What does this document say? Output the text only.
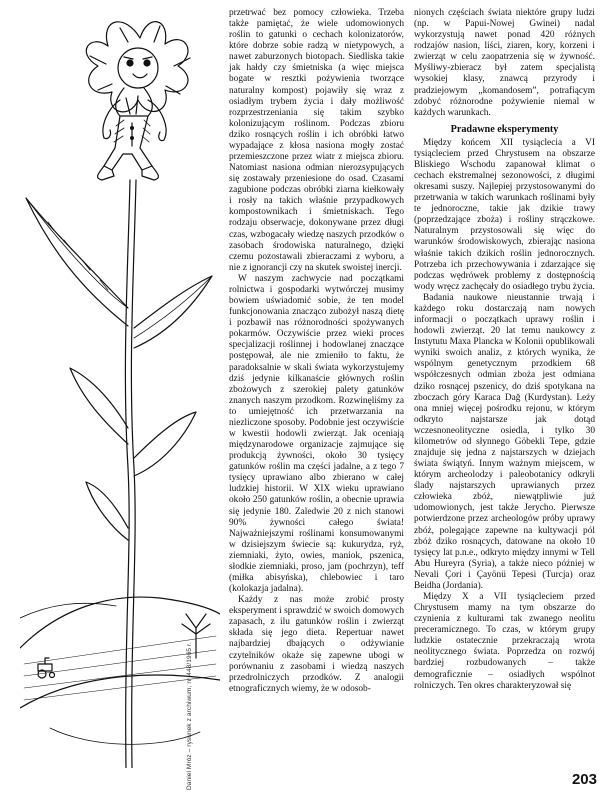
Daniel Mróz – rysunek z archiwum, nr 448/1965 r.

przetrwać bez pomocy człowieka. Trzeba także pamiętać, że wiele udomowionych roślin to gatunki o cechach kolonizatorów, które dobrze sobie radzą w nietypowych, a nawet zaburzonych biotopach. Siedliska takie jak hałdy czy śmietniska (a więc miejsca bogate w resztki pożywienia tworzące naturalny kompost) pojawiły się wraz z osiadłym trybem życia i dały możliwość rozprzestrzeniania się takim szybko kolonizującym roślinom. Podczas zbioru dziko rosnących roślin i ich obróbki łatwo wypadające z kłosa nasiona mogły zostać przemieszczone przez wiatr z miejsca zbioru. Natomiast nasiona odmian nierozsypujących się zostawały przeniesione do osad. Czasami zagubione podczas obróbki ziarna kiełkowały i rosły na takich właśnie przypadkowych kompostownikach i śmietniskach. Tego rodzaju obserwacje, dokonywane przez długi czas, wzbogacały wiedzę naszych przodków o zasobach środowiska naturalnego, dzięki czemu pozostawali zbieraczami z wyboru, a nie z ignorancji czy na skutek swoistej inercji.

W naszym zachwycie nad początkami rolnictwa i gospodarki wytwórczej musimy bowiem uświadomić sobie, że ten model funkcjonowania znacząco zubożył naszą dietę i pozbawił nas różnorodności spożywanych pokarmów. Oczywiście przez wieki proces specjalizacji roślinnej i hodowlanej znaczące postępował, ale nie zmieniło to faktu, że paradoksalnie w skali świata wykorzystujemy dziś jedynie kilkanaście głównych roślin zbożowych z szerokiej palety gatunków znanych naszym przodkom. Rozwinęliśmy za to umiejętność ich przetwarzania na niezliczone sposoby. Podobnie jest oczywiście w kwestii hodowli zwierząt. Jak oceniają międzynarodowe organizacje zajmujące się produkcją żywności, około 30 tysięcy gatunków roślin ma części jadalne, a z tego 7 tysięcy uprawiano albo zbierano w całej ludzkiej historii. W XIX wieku uprawiano około 250 gatunków roślin, a obecnie uprawia się jedynie 180. Zaledwie 20 z nich stanowi 90% żywności całego świata! Najważniejszymi roślinami konsumowanymi w dzisiejszym świecie są: kukurydza, ryż, ziemniaki, żyto, owies, maniok, pszenica, słodkie ziemniaki, proso, jam (pochrzyn), teff (miłka abisyńska), chlebowiec i taro (kolokazja jadalna).

Każdy z nas może zrobić prosty eksperyment i sprawdzić w swoich domowych zapasach, z ilu gatunków roślin i zwierząt składa się jego dieta. Repertuar nawet najbardziej dbających o odżywianie czytelników okaże się zapewne ubogi w porównaniu z zasobami i wiedzą naszych przedrolniczych przodków. Z analogii etnograficznych wiemy, że w odosob-

nionych częściach świata niektóre grupy ludzi (np. w Papui-Nowej Gwinei) nadal wykorzystują nawet ponad 420 różnych rodzajów nasion, liści, ziaren, kory, korzeni i zwierząt w celu zaopatrzenia się w żywność. Myśliwy-zbieracz był zatem specjalistą wysokiej klasy, znawcą przyrody i pradziejowym „komandosem”, potrafiącym zdobyć różnorodne pożywienie niemal w każdych warunkach.

Pradawne eksperymenty

Między końcem XII tysiąclecia a VI tysiącleciem przed Chrystusem na obszarze Bliskiego Wschodu zapanował klimat o cechach ekstremalnej sezonowości, z długimi okresami suszy. Najlepiej przystosowanymi do przetrwania w takich warunkach roślinami były te jednoroczne, takie jak dzikie trawy (poprzedzające zboża) i rośliny strączkowe. Naturalnym przystosowali się więc do warunków środowiskowych, zbierając nasiona właśnie takich dzikich roślin jednorocznych. Potrzeba ich przechowywania i zdarzające się podczas wędrówek problemy z dostępnością wody wręcz zachęcały do osiadłego trybu życia.

Badania naukowe nieustannie trwają i każdego roku dostarczają nam nowych informacji o początkach uprawy roślin i hodowli zwierząt. 20 lat temu naukowcy z Instytutu Maxa Plancka w Kolonii opublikowali wyniki swoich analiz, z których wynika, że wspólnym genetycznym przodkiem 68 współczesnych odmian zboża jest odmiana dziko rosnącej pszenicy, do dziś spotykana na zboczach góry Karaca Dağ (Kurdystan). Leży ona mniej więcej pośrodku rejonu, w którym odkryto najstarsze jak dotąd wczesnoneolityczne osiedla, i tylko 30 kilometrów od słynnego Göbekli Tepe, gdzie znajduje się jedna z najstarszych w dziejach świata świątyń. Innym ważnym miejscem, w którym archeolodzy i paleobotanicy odkryli ślady najstarszych uprawianych przez człowieka zbóż, niewątpliwie już udomowionych, jest także Jerycho. Pierwsze potwierdzone przez archeologów próby uprawy zbóż, polegające zapewne na kultywacji pól zbóż dziko rosnących, datowane na około 10 tysięcy lat p.n.e., odkryto między innymi w Tell Abu Hureyra (Syria), a także nieco później w Nevali Çori i Çayönü Tepesi (Turcja) oraz Beidha (Jordania).

Między X a VII tysiącleciem przed Chrystusem mamy na tym obszarze do czynienia z kulturami tak zwanego neolitu preceramicznego. To czas, w którym grupy ludzkie ostatecznie przekraczają wrota neolitycznego świata. Poprzedza on rozwój bardziej rozbudowanych – także demograficznie – osiadłych wspólnot rolniczych. Ten okres charakteryzował się

203
